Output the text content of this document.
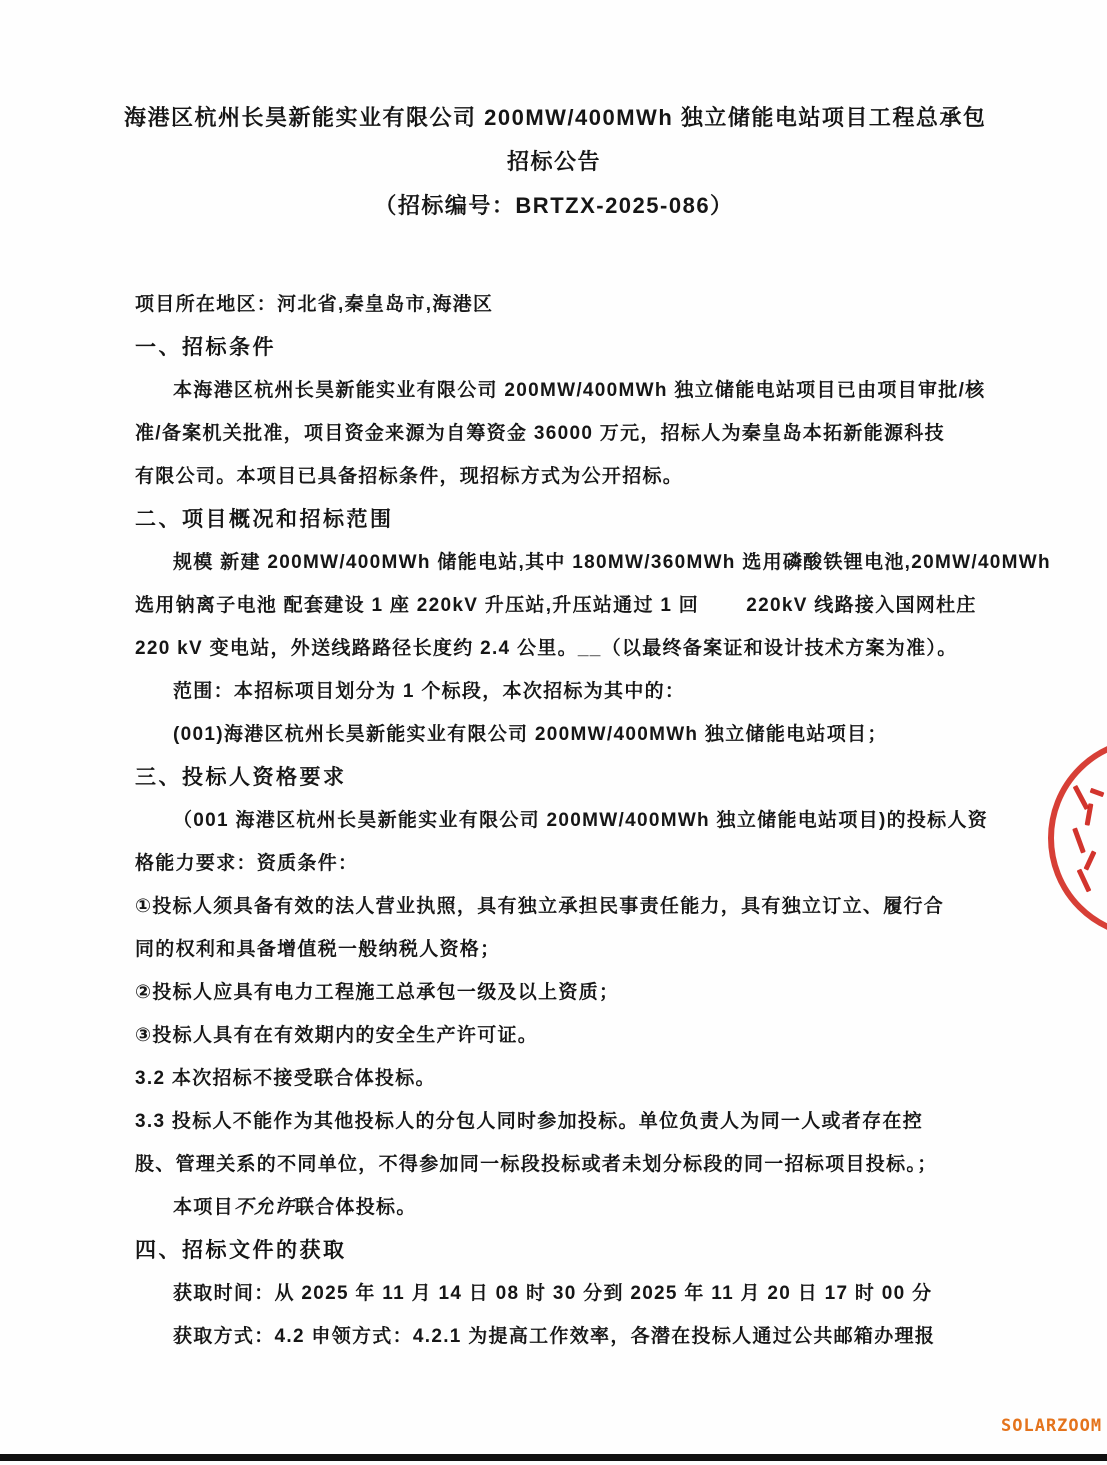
海港区杭州长昊新能实业有限公司 200MW/400MWh 独立储能电站项目工程总承包
招标公告
（招标编号：BRTZX-2025-086）
项目所在地区：河北省,秦皇岛市,海港区
一、招标条件
本海港区杭州长昊新能实业有限公司 200MW/400MWh 独立储能电站项目已由项目审批/核
准/备案机关批准，项目资金来源为自筹资金 36000 万元，招标人为秦皇岛本拓新能源科技
有限公司。本项目已具备招标条件，现招标方式为公开招标。
二、项目概况和招标范围
规模 新建 200MW/400MWh 储能电站,其中 180MW/360MWh 选用磷酸铁锂电池,20MW/40MWh
选用钠离子电池 配套建设 1 座 220kV 升压站,升压站通过 1 回　　 220kV 线路接入国网杜庄
220 kV 变电站，外送线路路径长度约 2.4 公里。__（以最终备案证和设计技术方案为准）。
范围：本招标项目划分为 1 个标段，本次招标为其中的：
(001)海港区杭州长昊新能实业有限公司 200MW/400MWh 独立储能电站项目；
三、投标人资格要求
（001 海港区杭州长昊新能实业有限公司 200MW/400MWh 独立储能电站项目)的投标人资
格能力要求：资质条件：
①投标人须具备有效的法人营业执照，具有独立承担民事责任能力，具有独立订立、履行合
同的权利和具备增值税一般纳税人资格；
②投标人应具有电力工程施工总承包一级及以上资质；
③投标人具有在有效期内的安全生产许可证。
3.2 本次招标不接受联合体投标。
3.3 投标人不能作为其他投标人的分包人同时参加投标。单位负责人为同一人或者存在控
股、管理关系的不同单位，不得参加同一标段投标或者未划分标段的同一招标项目投标。；
本项目不允许联合体投标。
四、招标文件的获取
获取时间：从 2025 年 11 月 14 日 08 时 30 分到 2025 年 11 月 20 日 17 时 00 分
获取方式：4.2 申领方式：4.2.1 为提高工作效率，各潜在投标人通过公共邮箱办理报
SOLARZOOM
